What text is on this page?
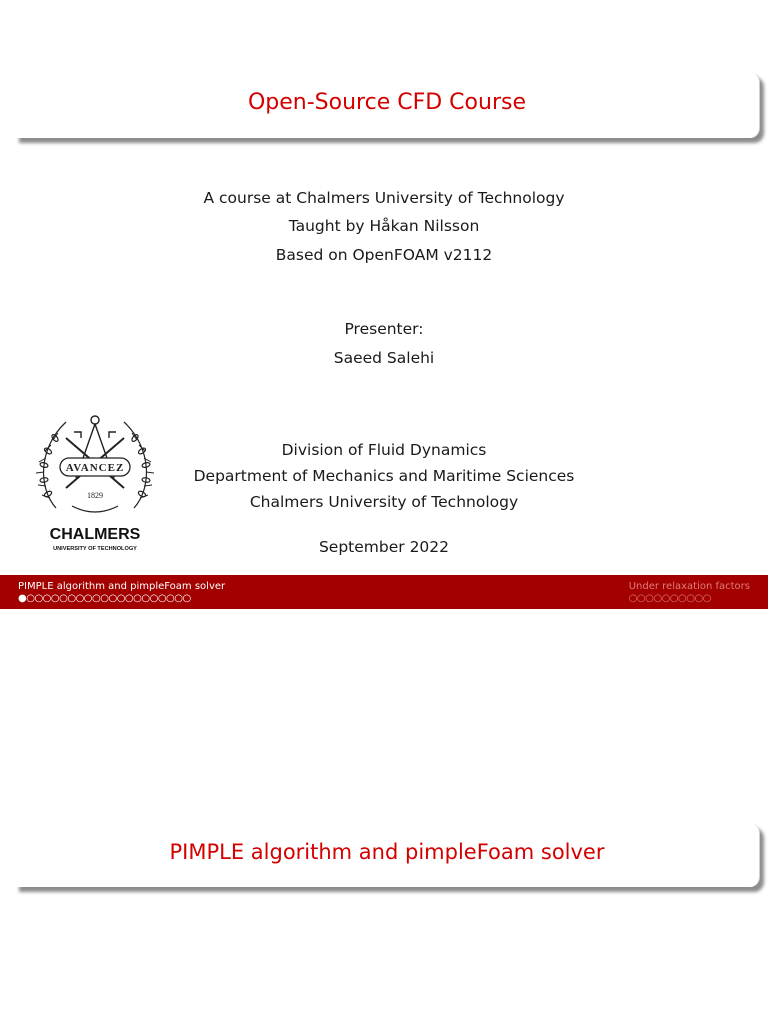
Open-Source CFD Course
A course at Chalmers University of Technology
Taught by Håkan Nilsson
Based on OpenFOAM v2112
Presenter:
Saeed Salehi
Division of Fluid Dynamics
Department of Mechanics and Maritime Sciences
Chalmers University of Technology
September 2022
AVANCEZ
1829
CHALMERS
UNIVERSITY OF TECHNOLOGY
PIMPLE algorithm and pimpleFoam solver
●○○○○○○○○○○○○○○○○○○○○
Under relaxation factors
○○○○○○○○○○
PIMPLE algorithm and pimpleFoam solver
